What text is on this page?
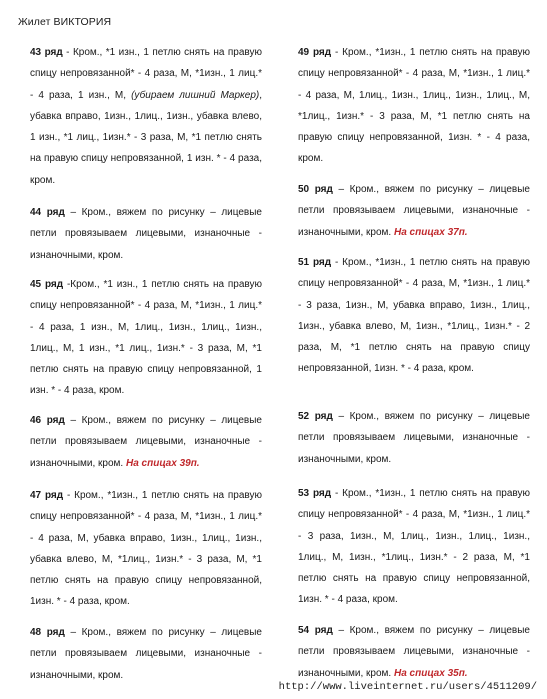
Жилет ВИКТОРИЯ

43 ряд - Кром., *1 изн., 1 петлю снять на правую спицу непровязанной* - 4 раза, М, *1изн., 1 лиц.* - 4 раза, 1 изн., М, (убираем лишний Маркер), убавка вправо, 1изн., 1лиц., 1изн., убавка влево, 1 изн., *1 лиц., 1изн.* - 3 раза, М, *1 петлю снять на правую спицу непровязанной, 1 изн. * - 4 раза, кром.

44 ряд – Кром., вяжем по рисунку – лицевые петли провязываем лицевыми, изнаночные - изнаночными, кром.

45 ряд -Кром., *1 изн., 1 петлю снять на правую спицу непровязанной* - 4 раза, М, *1изн., 1 лиц.* - 4 раза, 1 изн., М, 1лиц., 1изн., 1лиц., 1изн., 1лиц., М, 1 изн., *1 лиц., 1изн.* - 3 раза, М, *1 петлю снять на правую спицу непровязанной, 1 изн. * - 4 раза, кром.

46 ряд – Кром., вяжем по рисунку – лицевые петли провязываем лицевыми, изнаночные - изнаночными, кром. На спицах 39п.

47 ряд - Кром., *1изн., 1 петлю снять на правую спицу непровязанной* - 4 раза, М, *1изн., 1 лиц.* - 4 раза, М, убавка вправо, 1изн., 1лиц., 1изн., убавка влево, М, *1лиц., 1изн.* - 3 раза, М, *1 петлю снять на правую спицу непровязанной, 1изн. * - 4 раза, кром.

48 ряд – Кром., вяжем по рисунку – лицевые петли провязываем лицевыми, изнаночные - изнаночными, кром.

49 ряд - Кром., *1изн., 1 петлю снять на правую спицу непровязанной* - 4 раза, М, *1изн., 1 лиц.* - 4 раза, М, 1лиц., 1изн., 1лиц., 1изн., 1лиц., М, *1лиц., 1изн.* - 3 раза, М, *1 петлю снять на правую спицу непровязанной, 1изн. * - 4 раза, кром.

50 ряд – Кром., вяжем по рисунку – лицевые петли провязываем лицевыми, изнаночные - изнаночными, кром. На спицах 37п.

51 ряд - Кром., *1изн., 1 петлю снять на правую спицу непровязанной* - 4 раза, М, *1изн., 1 лиц.* - 3 раза, 1изн., М, убавка вправо, 1изн., 1лиц., 1изн., убавка влево, М, 1изн., *1лиц., 1изн.* - 2 раза, М, *1 петлю снять на правую спицу непровязанной, 1изн. * - 4 раза, кром.

52 ряд – Кром., вяжем по рисунку – лицевые петли провязываем лицевыми, изнаночные - изнаночными, кром.

53 ряд - Кром., *1изн., 1 петлю снять на правую спицу непровязанной* - 4 раза, М, *1изн., 1 лиц.* - 3 раза, 1изн., М, 1лиц., 1изн., 1лиц., 1изн., 1лиц., М, 1изн., *1лиц., 1изн.* - 2 раза, М, *1 петлю снять на правую спицу непровязанной, 1изн. * - 4 раза, кром.

54 ряд – Кром., вяжем по рисунку – лицевые петли провязываем лицевыми, изнаночные - изнаночными, кром. На спицах 35п.

http://www.liveinternet.ru/users/4511209/
